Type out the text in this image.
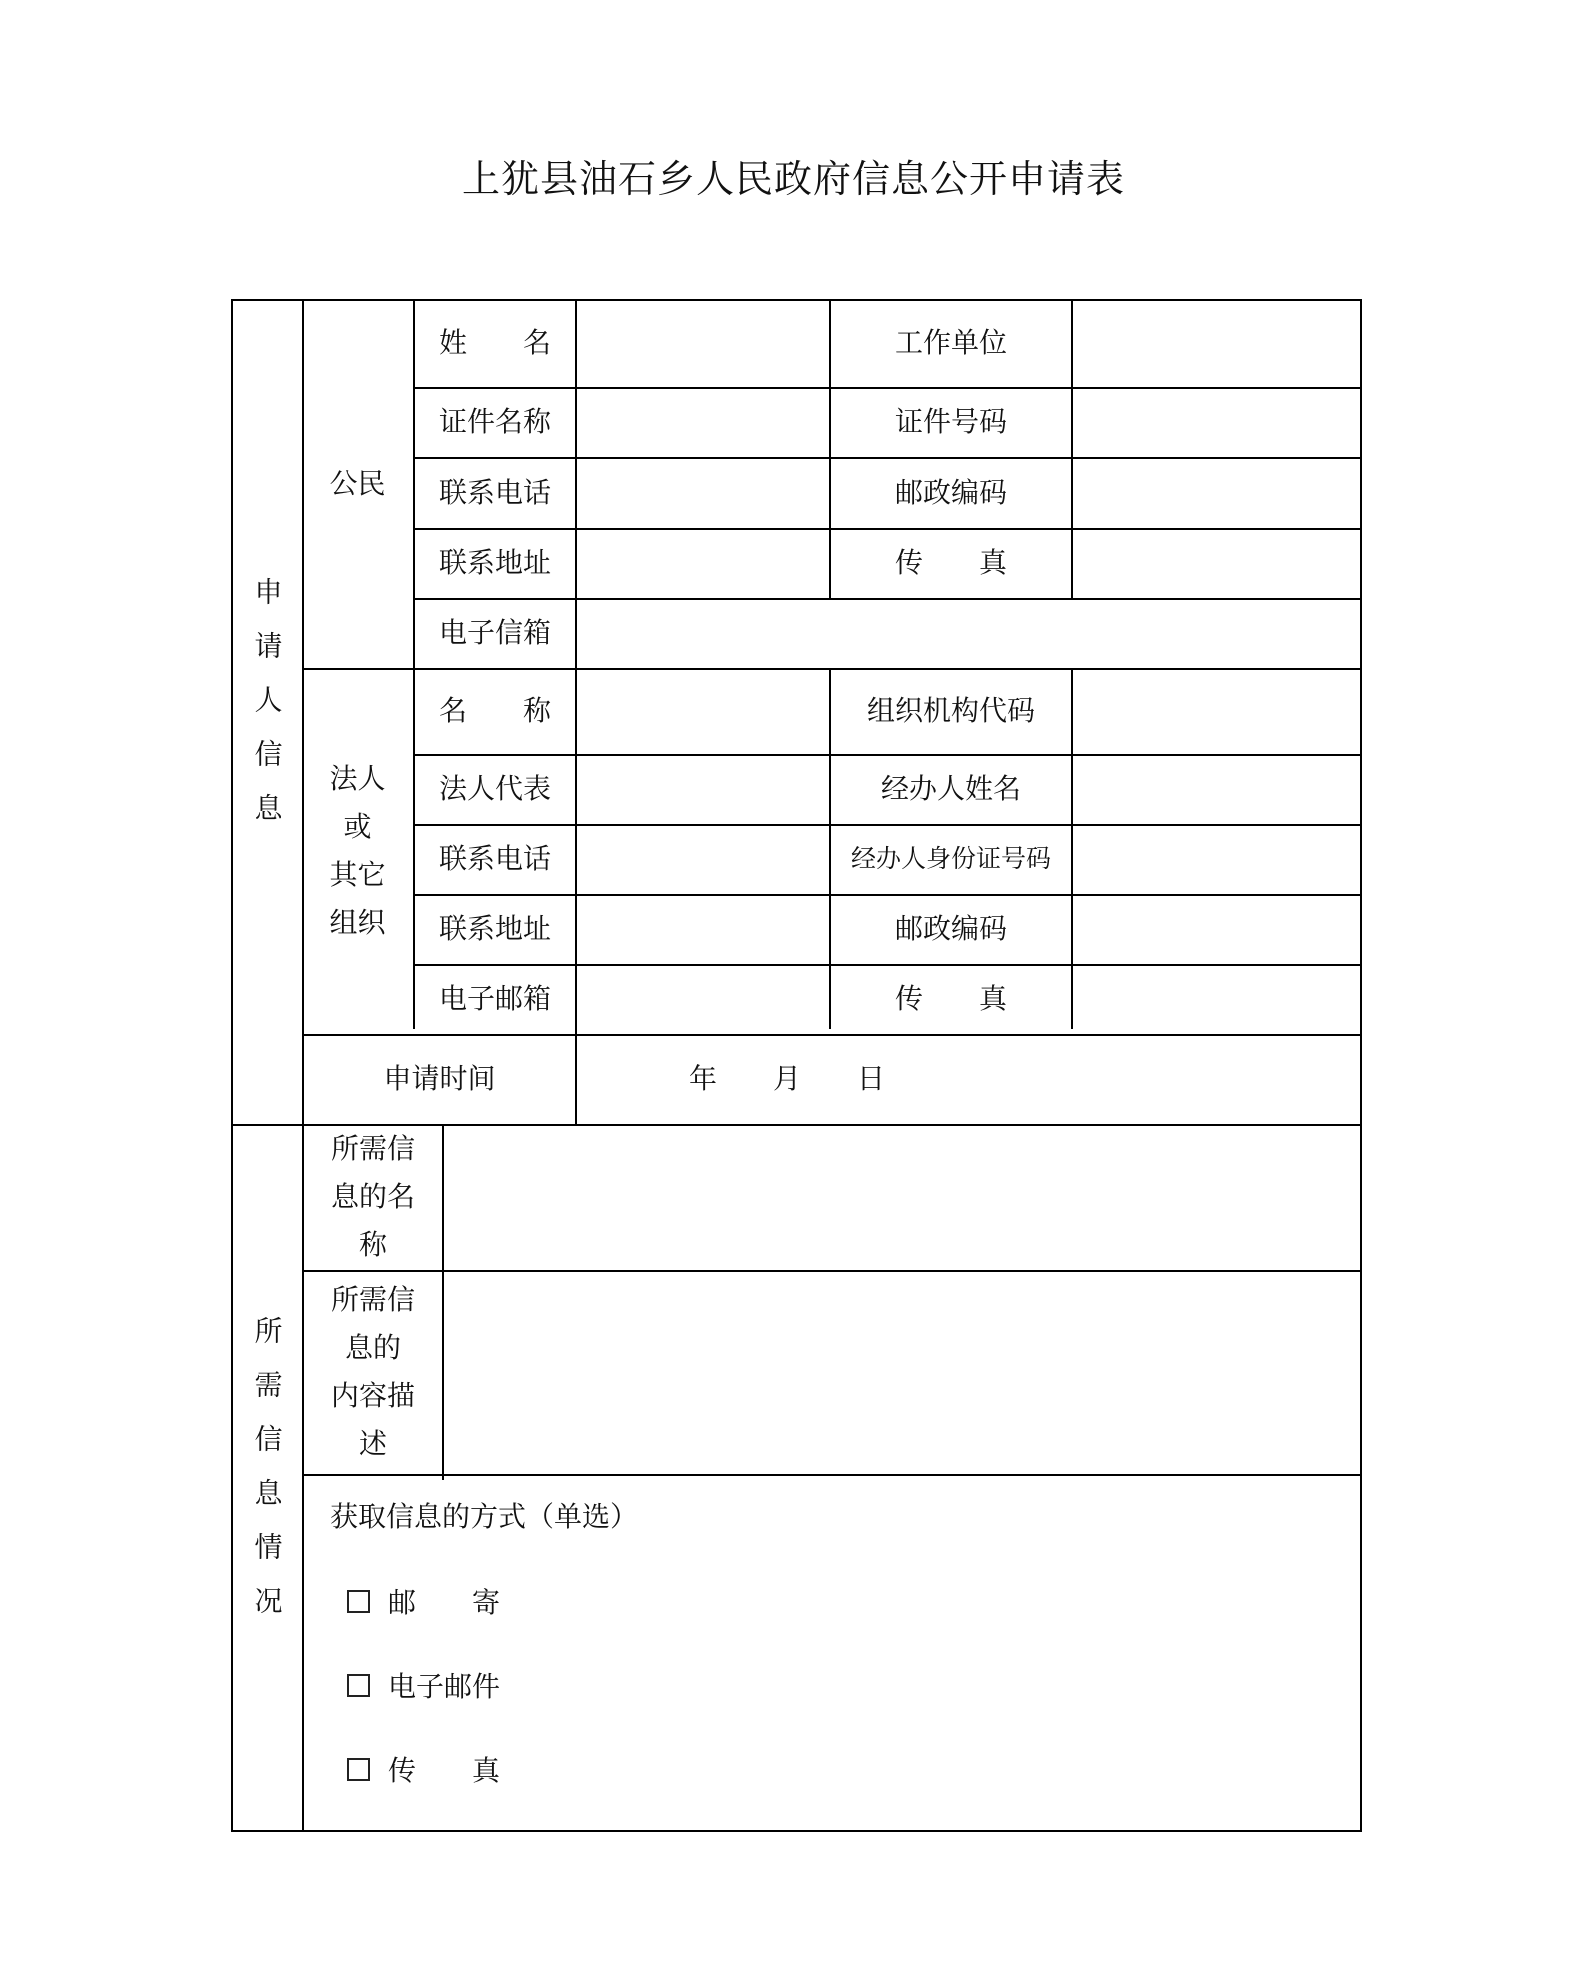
上犹县油石乡人民政府信息公开申请表
申请人信息
所需信息情况
公民
法人
或
其它
组织
姓　　名	工作单位
证件名称	证件号码
联系电话	邮政编码
联系地址	传　　真
电子信箱
名　　称	组织机构代码
法人代表	经办人姓名
联系电话	经办人身份证号码
联系地址	邮政编码
电子邮箱	传　　真
申请时间	年　　月　　日
所需信
息的名
称
所需信
息的
内容描
述
获取信息的方式（单选）
邮　　寄
电子邮件
传　　真
